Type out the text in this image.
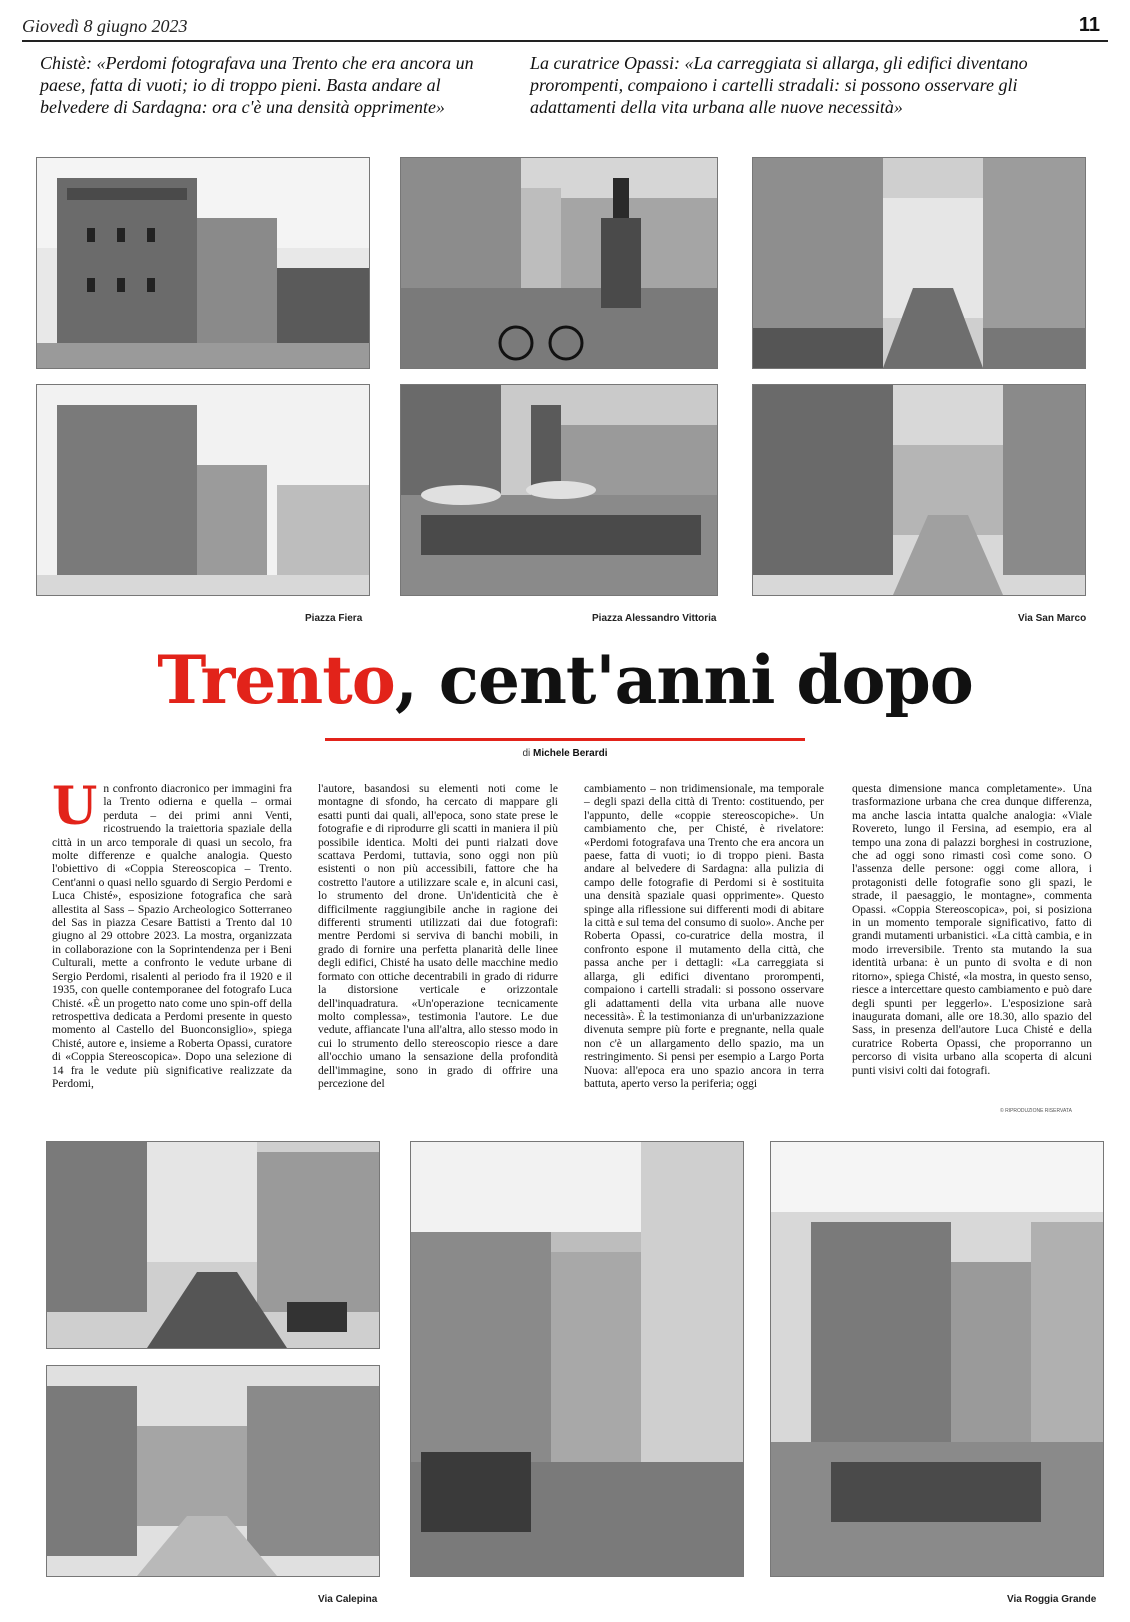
Giovedì 8 giugno 2023	11
Chistè: «Perdomi fotografava una Trento che era ancora un paese, fatta di vuoti; io di troppo pieni. Basta andare al belvedere di Sardagna: ora c'è una densità opprimente»
La curatrice Opassi: «La carreggiata si allarga, gli edifici diventano prorompenti, compaiono i cartelli stradali: si possono osservare gli adattamenti della vita urbana alle nuove necessità»
Piazza Fiera	Piazza Alessandro Vittoria	Via San Marco
Trento, cent'anni dopo
di Michele Berardi
U n confronto diacronico per immagini fra la Trento odierna e quella – ormai perduta – dei primi anni Venti, ricostruendo la traiettoria spaziale della città in un arco temporale di quasi un secolo, fra molte differenze e qualche analogia. Questo l'obiettivo di «Coppia Stereoscopica – Trento. Cent'anni o quasi nello sguardo di Sergio Perdomi e Luca Chisté», esposizione fotografica che sarà allestita al Sass – Spazio Archeologico Sotterraneo del Sas in piazza Cesare Battisti a Trento dal 10 giugno al 29 ottobre 2023. La mostra, organizzata in collaborazione con la Soprintendenza per i Beni Culturali, mette a confronto le vedute urbane di Sergio Perdomi, risalenti al periodo fra il 1920 e il 1935, con quelle contemporanee del fotografo Luca Chisté. «È un progetto nato come uno spin-off della retrospettiva dedicata a Perdomi presente in questo momento al Castello del Buonconsiglio», spiega Chisté, autore e, insieme a Roberta Opassi, curatore di «Coppia Stereoscopica». Dopo una selezione di 14 fra le vedute più significative realizzate da Perdomi,

l'autore, basandosi su elementi noti come le montagne di sfondo, ha cercato di mappare gli esatti punti dai quali, all'epoca, sono state prese le fotografie e di riprodurre gli scatti in maniera il più possibile identica. Molti dei punti rialzati dove scattava Perdomi, tuttavia, sono oggi non più esistenti o non più accessibili, fattore che ha costretto l'autore a utilizzare scale e, in alcuni casi, lo strumento del drone. Un'identicità che è difficilmente raggiungibile anche in ragione dei differenti strumenti utilizzati dai due fotografi: mentre Perdomi si serviva di banchi mobili, in grado di fornire una perfetta planarità delle linee degli edifici, Chisté ha usato delle macchine medio formato con ottiche decentrabili in grado di ridurre la distorsione verticale e orizzontale dell'inquadratura. «Un'operazione tecnicamente molto complessa», testimonia l'autore. Le due vedute, affiancate l'una all'altra, allo stesso modo in cui lo strumento dello stereoscopio riesce a dare all'occhio umano la sensazione della profondità dell'immagine, sono in grado di offrire una percezione del

cambiamento – non tridimensionale, ma temporale – degli spazi della città di Trento: costituendo, per l'appunto, delle «coppie stereoscopiche». Un cambiamento che, per Chisté, è rivelatore: «Perdomi fotografava una Trento che era ancora un paese, fatta di vuoti; io di troppo pieni. Basta andare al belvedere di Sardagna: alla pulizia di campo delle fotografie di Perdomi si è sostituita una densità spaziale quasi opprimente». Questo spinge alla riflessione sui differenti modi di abitare la città e sul tema del consumo di suolo». Anche per Roberta Opassi, co-curatrice della mostra, il confronto espone il mutamento della città, che passa anche per i dettagli: «La carreggiata si allarga, gli edifici diventano prorompenti, compaiono i cartelli stradali: si possono osservare gli adattamenti della vita urbana alle nuove necessità». È la testimonianza di un'urbanizzazione divenuta sempre più forte e pregnante, nella quale non c'è un allargamento dello spazio, ma un restringimento. Si pensi per esempio a Largo Porta Nuova: all'epoca era uno spazio ancora in terra battuta, aperto verso la periferia; oggi

questa dimensione manca completamente». Una trasformazione urbana che crea dunque differenza, ma anche lascia intatta qualche analogia: «Viale Rovereto, lungo il Fersina, ad esempio, era al tempo una zona di palazzi borghesi in costruzione, che ad oggi sono rimasti così come sono. O l'assenza delle persone: oggi come allora, i protagonisti delle fotografie sono gli spazi, le strade, il paesaggio, le montagne», commenta Opassi. «Coppia Stereoscopica», poi, si posiziona in un momento temporale significativo, fatto di grandi mutamenti urbanistici. «La città cambia, e in modo irreversibile. Trento sta mutando la sua identità urbana: è un punto di svolta e di non ritorno», spiega Chisté, «la mostra, in questo senso, riesce a intercettare questo cambiamento e può dare degli spunti per leggerlo». L'esposizione sarà inaugurata domani, alle ore 18.30, allo spazio del Sass, in presenza dell'autore Luca Chisté e della curatrice Roberta Opassi, che proporranno un percorso di visita urbano alla scoperta di alcuni punti visivi colti dai fotografi.

© RIPRODUZIONE RISERVATA
Via Calepina	Via Roggia Grande
